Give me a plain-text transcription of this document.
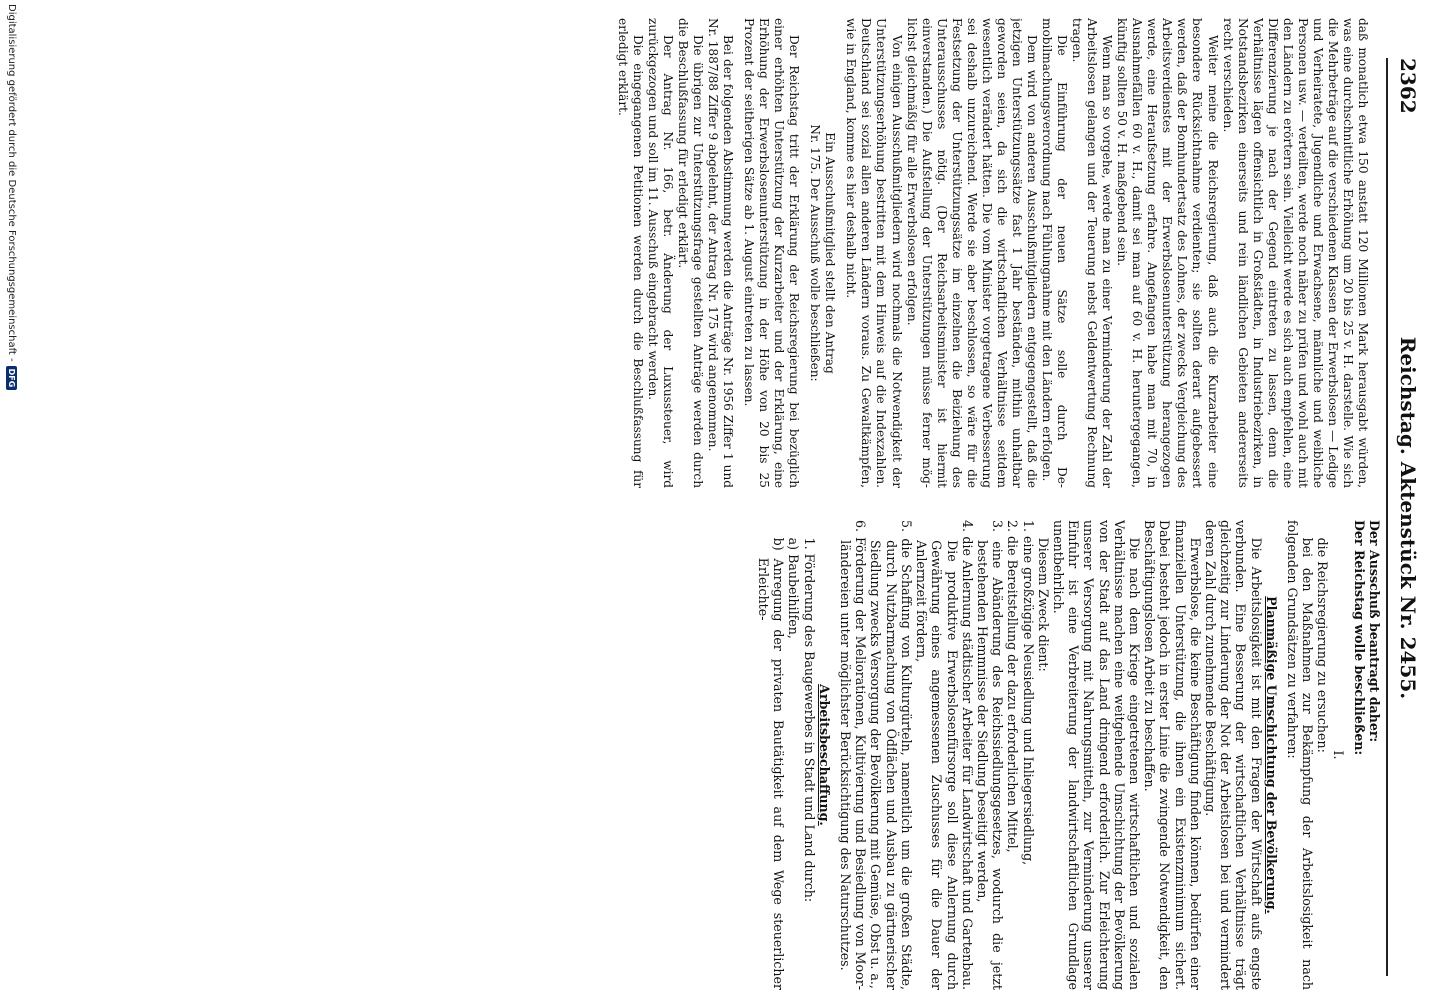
2362
Reichstag. Aktenstück Nr. 2455.

daß monatlich etwa 150 anstatt 120 Millionen Mark herausgabt würden, was eine durchschnittliche Erhöhung um 20 bis 25 v. H. darstelle. Wie sich die Mehrbeträge auf die verschiedenen Klassen der Erwerbslosen — Ledige und Verheiratete, Jugendliche und Erwachsene, männliche und weibliche Personen usw. — verteilten, werde noch näher zu prüfen und wohl auch mit den Ländern zu erörtern sein. Vielleicht werde es sich auch empfehlen, eine Differenzierung je nach der Gegend eintreten zu lassen, denn die Verhältnisse lägen offensichtlich in Großstädten, in Industriebezirken, in Notstandsbezirken einerseits und rein ländlichen Gebieten andererseits recht verschieden.

Weiter meine die Reichsregierung, daß auch die Kurzarbeiter eine besondere Rücksichtnahme verdienten; sie sollten derart aufgebessert werden, daß der Bomhundertsatz des Lohnes, der zwecks Vergleichung des Arbeitsverdienstes mit der Erwerbslosenunterstützung herangezogen werde, eine Heraufsetzung erfahre. Angefangen habe man mit 70, in Ausnahmefällen 60 v. H., damit sei man auf 60 v. H. heruntergegangen, künftig sollten 50 v. H. maßgebend sein.

Wenn man so vorgehe, werde man zu einer Verminderung der Zahl der Arbeitslosen gelangen und der Teuerung nebst Geldentwertung Rechnung tragen.

Die Einführung der neuen Sätze solle durch Demobilmachungsverordnung nach Fühlungnahme mit den Ländern erfolgen.

Dem wird von anderen Ausschußmitgliedern entgegengestellt, daß die jetzigen Unterstützungssätze fast 1 Jahr beständen, mithin unhaltbar geworden seien, da sich die wirtschaftlichen Verhältnisse seitdem wesentlich verändert hätten. Die vom Minister vorgetragene Verbesserung sei deshalb unzureichend. Werde sie aber beschlossen, so wäre für die Festsetzung der Unterstützungssätze im einzelnen die Beiziehung des Unterausschusses nötig. (Der Reichsarbeitsminister ist hiermit einverstanden.) Die Aufstellung der Unterstützungen müsse ferner möglichst gleichmäßig für alle Erwerbslosen erfolgen.

Von einigen Ausschußmitgliedern wird nochmals die Notwendigkeit der Unterstützungserhöhung bestritten mit dem Hinweis auf die Indexzahlen. Deutschland sei sozial allen anderen Ländern voraus. Zu Gewaltkämpfen, wie in England, komme es hier deshalb nicht.

Ein Ausschußmitglied stellt den Antrag

Nr. 175. Der Ausschuß wolle beschließen:

Der Reichstag tritt der Erklärung der Reichsregierung bei bezüglich einer erhöhten Unterstützung der Kurzarbeiter und der Erklärung, eine Erhöhung der Erwerbslosenunterstützung in der Höhe von 20 bis 25 Prozent der seitherigen Sätze ab 1. August eintreten zu lassen.

Bei der folgenden Abstimmung werden die Anträge Nr. 1956 Ziffer 1 und Nr. 1887/88 Ziffer 9 abgelehnt, der Antrag Nr. 175 wird angenommen.

Die übrigen zur Unterstützungsfrage gestellten Anträge werden durch die Beschlußfassung für erledigt erklärt.

Der Antrag Nr. 166, betr. Änderung der Luxussteuer, wird zurückgezogen und soll im 11. Ausschuß eingebracht werden.

Die eingegangenen Petitionen werden durch die Beschlußfassung für erledigt erklärt.

Der Ausschuß beantragt daher:

Der Reichstag wolle beschließen:

I.

die Reichsregierung zu ersuchen:

bei den Maßnahmen zur Bekämpfung der Arbeitslosigkeit nach folgenden Grundsätzen zu verfahren:

Planmäßige Umschichtung der Bevölkerung.

Die Arbeitslosigkeit ist mit den Fragen der Wirtschaft aufs engste verbunden. Eine Besserung der wirtschaftlichen Verhältnisse trägt gleichzeitig zur Linderung der Not der Arbeitslosen bei und vermindert deren Zahl durch zunehmende Beschäftigung.

Erwerbslose, die keine Beschäftigung finden können, bedürfen einer finanziellen Unterstützung, die ihnen ein Existenzminimum sichert. Dabei besteht jedoch in erster Linie die zwingende Notwendigkeit, den Beschäftigungslosen Arbeit zu beschaffen.

Die nach dem Kriege eingetretenen wirtschaftlichen und sozialen Verhältnisse machen eine weitgehende Umschichtung der Bevölkerung von der Stadt auf das Land dringend erforderlich. Zur Erleichterung unserer Versorgung mit Nahrungsmitteln, zur Verminderung unserer Einfuhr ist eine Verbreiterung der landwirtschaftlichen Grundlage unentbehrlich.

Diesem Zweck dient:

1. eine großzügige Neusiedlung und Inliegersiedlung,

2. die Bereitstellung der dazu erforderlichen Mittel,

3. eine Abänderung des Reichssiedlungsgesetzes, wodurch die jetzt bestehenden Hemmnisse der Siedlung beseitigt werden,

4. die Anlernung städtischer Arbeiter für Landwirtschaft und Gartenbau. Die produktive Erwerbslosenfürsorge soll diese Anlernung durch Gewährung eines angemessenen Zuschusses für die Dauer der Anlernzeit fördern,

5. die Schaffung von Kulturgürteln, namentlich um die großen Städte, durch Nutzbarmachung von Ödflächen und Ausbau zu gärtnerischer Siedlung zwecks Versorgung der Bevölkerung mit Gemüse, Obst u. a.,

6. Förderung der Meliorationen, Kultivierung und Besiedlung von Moorländereien unter möglichster Berücksichtigung des Naturschutzes.

Arbeitsbeschaffung.

1. Förderung des Baugewerbes in Stadt und Land durch:

a) Baubeihilfen,

b) Anregung der privaten Bautätigkeit auf dem Wege steuerlicher Erleichte-

Digitalisierung gefördert durch die Deutsche Forschungsgemeinschaft -
DFG
